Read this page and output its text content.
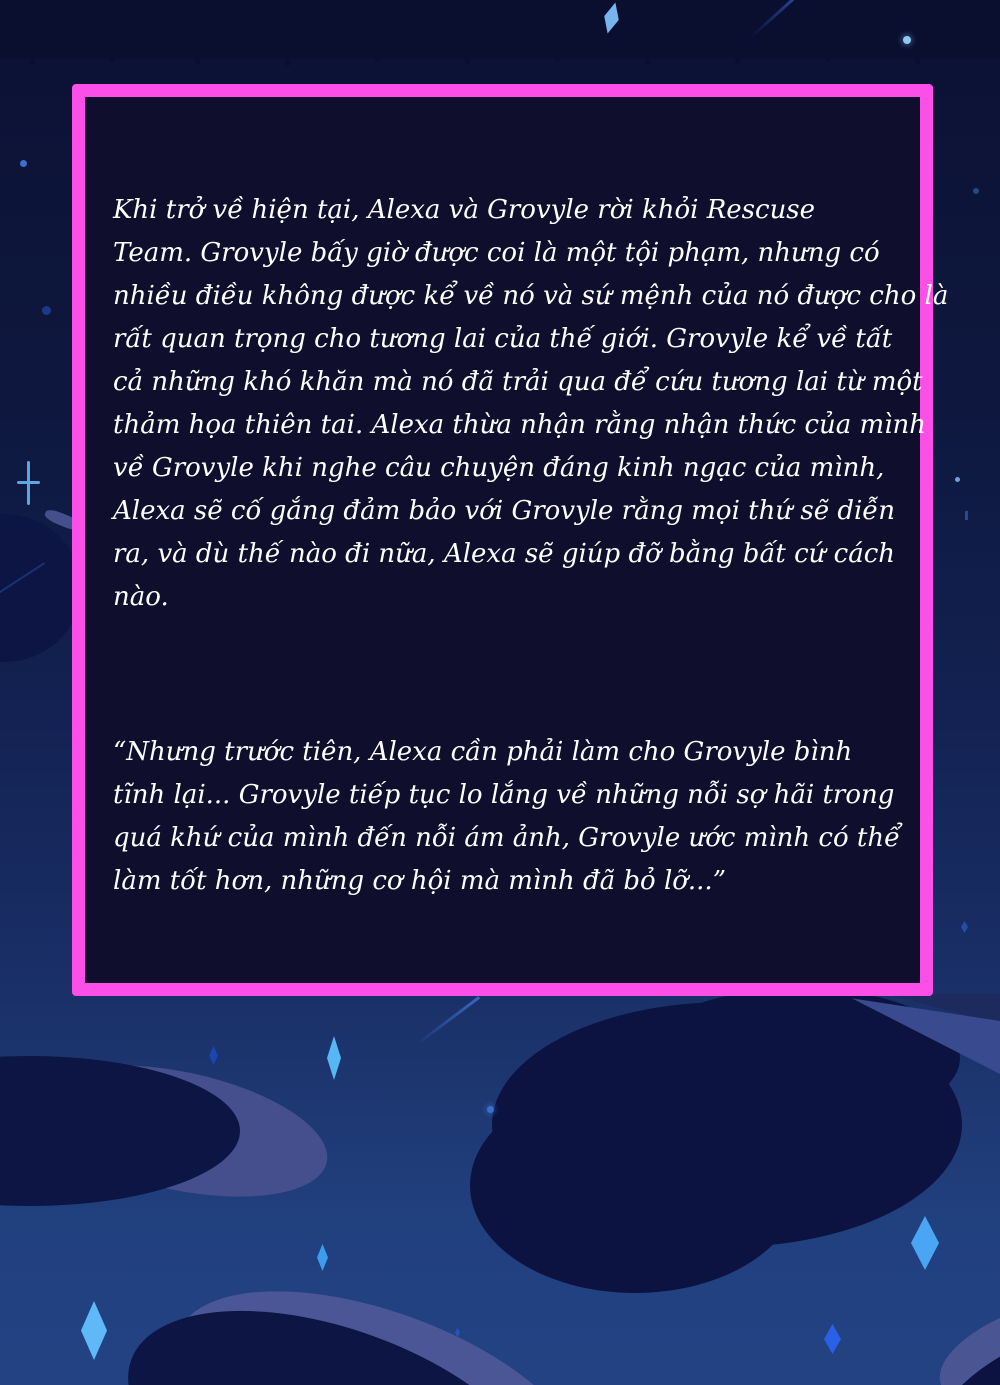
Khi trở về hiện tại, Alexa và Grovyle rời khỏi Rescuse
Team. Grovyle bấy giờ được coi là một tội phạm, nhưng có
nhiều điều không được kể về nó và sứ mệnh của nó được cho là
rất quan trọng cho tương lai của thế giới. Grovyle kể về tất
cả những khó khăn mà nó đã trải qua để cứu tương lai từ một
thảm họa thiên tai. Alexa thừa nhận rằng nhận thức của mình
về Grovyle khi nghe câu chuyện đáng kinh ngạc của mình,
Alexa sẽ cố gắng đảm bảo với Grovyle rằng mọi thứ sẽ diễn
ra, và dù thế nào đi nữa, Alexa sẽ giúp đỡ bằng bất cứ cách
nào.
“Nhưng trước tiên, Alexa cần phải làm cho Grovyle bình
tĩnh lại... Grovyle tiếp tục lo lắng về những nỗi sợ hãi trong
quá khứ của mình đến nỗi ám ảnh, Grovyle ước mình có thể
làm tốt hơn, những cơ hội mà mình đã bỏ lỡ...”
